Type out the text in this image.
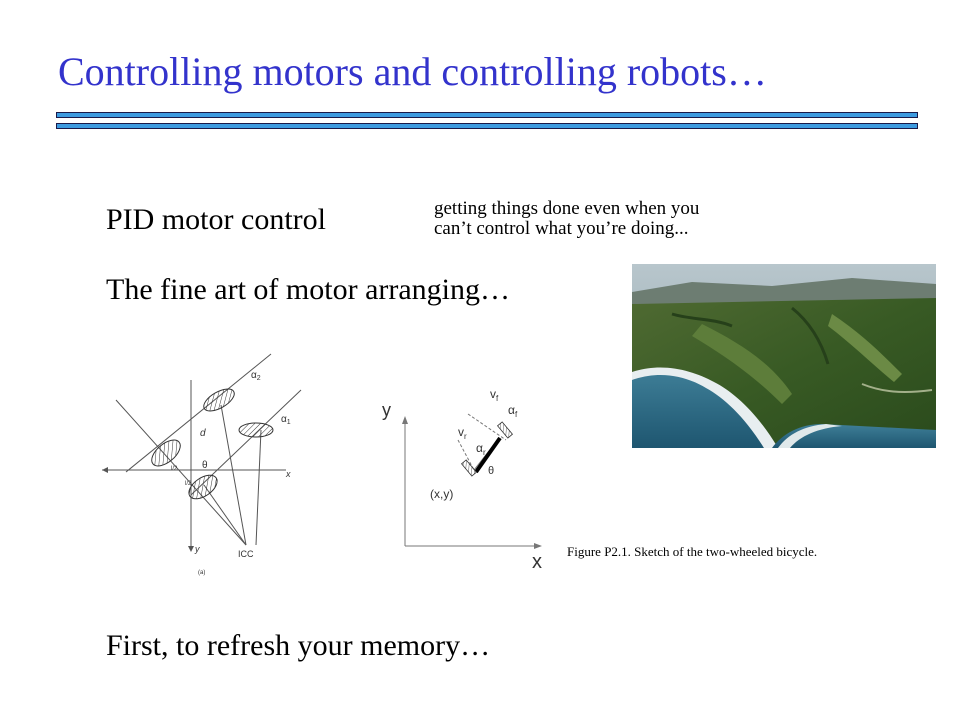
Controlling motors and controlling robots…
PID motor control	getting things done even when you
can’t control what you’re doing...
The fine art of motor arranging…
$\alpha_2$
$\alpha_1$
d
θ
x
y
l/2
l/2
ICC
(a)
y
x
$v_f$
$\alpha_f$
$v_r$
$\alpha_r$
θ
(x,y)
Figure P2.1. Sketch of the two-wheeled bicycle.
First, to refresh your memory…
